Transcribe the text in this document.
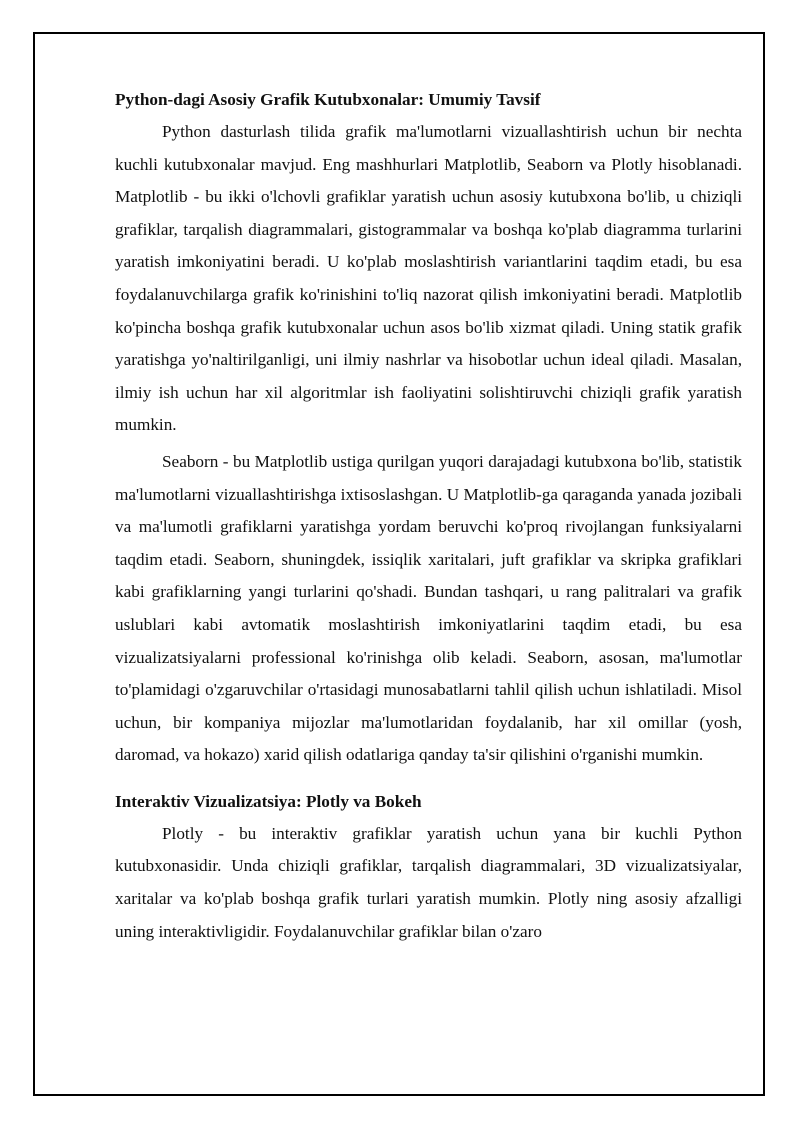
Python-dagi Asosiy Grafik Kutubxonalar: Umumiy Tavsif

Python dasturlash tilida grafik ma'lumotlarni vizuallashtirish uchun bir nechta kuchli kutubxonalar mavjud. Eng mashhurlari Matplotlib, Seaborn va Plotly hisoblanadi. Matplotlib - bu ikki o'lchovli grafiklar yaratish uchun asosiy kutubxona bo'lib, u chiziqli grafiklar, tarqalish diagrammalari, gistogrammalar va boshqa ko'plab diagramma turlarini yaratish imkoniyatini beradi. U ko'plab moslashtirish variantlarini taqdim etadi, bu esa foydalanuvchilarga grafik ko'rinishini to'liq nazorat qilish imkoniyatini beradi. Matplotlib ko'pincha boshqa grafik kutubxonalar uchun asos bo'lib xizmat qiladi. Uning statik grafik yaratishga yo'naltirilganligi, uni ilmiy nashrlar va hisobotlar uchun ideal qiladi. Masalan, ilmiy ish uchun har xil algoritmlar ish faoliyatini solishtiruvchi chiziqli grafik yaratish mumkin.

Seaborn - bu Matplotlib ustiga qurilgan yuqori darajadagi kutubxona bo'lib, statistik ma'lumotlarni vizuallashtirishga ixtisoslashgan. U Matplotlib-ga qaraganda yanada jozibali va ma'lumotli grafiklarni yaratishga yordam beruvchi ko'proq rivojlangan funksiyalarni taqdim etadi. Seaborn, shuningdek, issiqlik xaritalari, juft grafiklar va skripka grafiklari kabi grafiklarning yangi turlarini qo'shadi. Bundan tashqari, u rang palitralari va grafik uslublari kabi avtomatik moslashtirish imkoniyatlarini taqdim etadi, bu esa vizualizatsiyalarni professional ko'rinishga olib keladi. Seaborn, asosan, ma'lumotlar to'plamidagi o'zgaruvchilar o'rtasidagi munosabatlarni tahlil qilish uchun ishlatiladi. Misol uchun, bir kompaniya mijozlar ma'lumotlaridan foydalanib, har xil omillar (yosh, daromad, va hokazo) xarid qilish odatlariga qanday ta'sir qilishini o'rganishi mumkin.

Interaktiv Vizualizatsiya: Plotly va Bokeh

Plotly - bu interaktiv grafiklar yaratish uchun yana bir kuchli Python kutubxonasidir. Unda chiziqli grafiklar, tarqalish diagrammalari, 3D vizualizatsiyalar, xaritalar va ko'plab boshqa grafik turlari yaratish mumkin. Plotly ning asosiy afzalligi uning interaktivligidir. Foydalanuvchilar grafiklar bilan o'zaro
